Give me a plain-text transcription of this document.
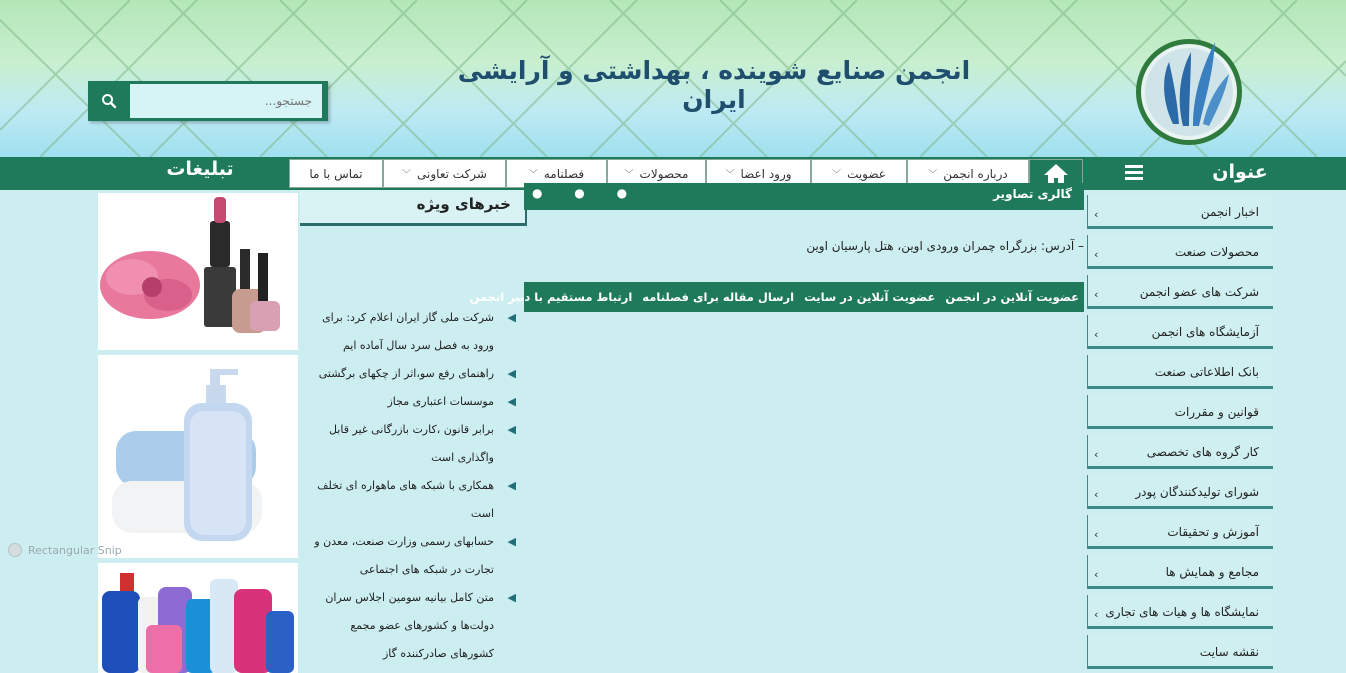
انجمن صنایع شوینده ، بهداشتی و آرایشی ایران
جستجو...
تبلیغات	تماس با ما	شرکت تعاونی
﹀	فصلنامه
﹀	محصولات
﹀	ورود اعضا
﹀	عضویت
﹀	درباره انجمن
﹀	عنوان
اخبار انجمن
›
محصولات صنعت
›
شرکت های عضو انجمن
›
آزمایشگاه های انجمن
›
بانک اطلاعاتی صنعت
قوانین و مقررات
کار گروه های تخصصی
›
شورای تولیدکنندگان پودر
›
آموزش و تحقیقات
›
مجامع و همایش ها
›
نمایشگاه ها و هیات های تجاری
›
نقشه سایت
خبرهای ویژه
◀
شرکت ملی گاز ایران اعلام کرد: برای ورود به فصل سرد سال آماده ایم
◀
راهنمای رفع سو،اثر از چکهای برگشتی
◀
موسسات اعتباری مجاز
◀
برابر قانون ،کارت بازرگانی غیر قابل واگذاری است
◀
همکاری با شبکه های ماهواره ای تخلف است
◀
حسابهای رسمی وزارت صنعت، معدن و تجارت در شبکه های اجتماعی
◀
متن کامل بیانیه سومین اجلاس سران دولت‌ها و کشورهای عضو مجمع کشورهای صادرکننده گاز
● ● ●	گالری تصاویر
– آدرس: بزرگراه چمران ورودی اوین، هتل پارسیان اوین
عضویت آنلاین در انجمن
عضویت آنلاین در سایت
ارسال مقاله برای فصلنامه
ارتباط مستقیم با دبیر انجمن
Rectangular Snip
